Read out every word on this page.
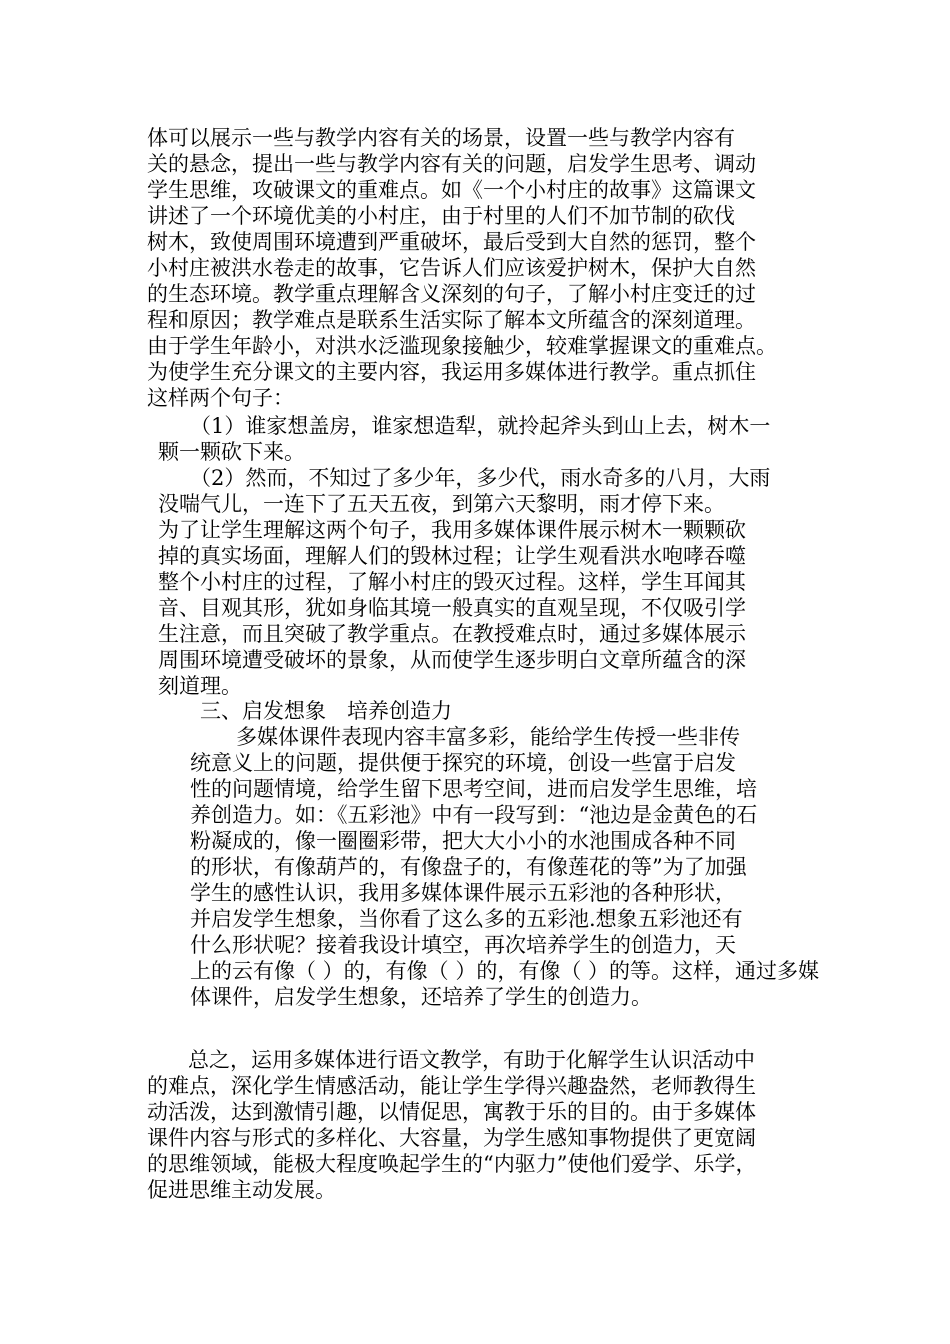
体可以展示一些与教学内容有关的场景，设置一些与教学内容有
关的悬念，提出一些与教学内容有关的问题，启发学生思考、调动
学生思维，攻破课文的重难点。如《一个小村庄的故事》这篇课文
讲述了一个环境优美的小村庄，由于村里的人们不加节制的砍伐
树木，致使周围环境遭到严重破坏，最后受到大自然的惩罚，整个
小村庄被洪水卷走的故事，它告诉人们应该爱护树木，保护大自然
的生态环境。教学重点理解含义深刻的句子，了解小村庄变迁的过
程和原因；教学难点是联系生活实际了解本文所蕴含的深刻道理。
由于学生年龄小，对洪水泛滥现象接触少，较难掌握课文的重难点。
为使学生充分课文的主要内容，我运用多媒体进行教学。重点抓住
这样两个句子：
（1）谁家想盖房，谁家想造犁，就拎起斧头到山上去，树木一
颗一颗砍下来。
（2）然而，不知过了多少年，多少代，雨水奇多的八月，大雨
没喘气儿，一连下了五天五夜，到第六天黎明，雨才停下来。
为了让学生理解这两个句子，我用多媒体课件展示树木一颗颗砍
掉的真实场面，理解人们的毁林过程；让学生观看洪水咆哮吞噬
整个小村庄的过程，了解小村庄的毁灭过程。这样，学生耳闻其
音、目观其形，犹如身临其境一般真实的直观呈现，不仅吸引学
生注意，而且突破了教学重点。在教授难点时，通过多媒体展示
周围环境遭受破坏的景象，从而使学生逐步明白文章所蕴含的深
刻道理。
三、启发想象　培养创造力
多媒体课件表现内容丰富多彩，能给学生传授一些非传
统意义上的问题，提供便于探究的环境，创设一些富于启发
性的问题情境，给学生留下思考空间，进而启发学生思维，培
养创造力。如：《五彩池》中有一段写到：“池边是金黄色的石
粉凝成的，像一圈圈彩带，把大大小小的水池围成各种不同
的形状，有像葫芦的，有像盘子的，有像莲花的等”为了加强
学生的感性认识，我用多媒体课件展示五彩池的各种形状，
并启发学生想象，当你看了这么多的五彩池.想象五彩池还有
什么形状呢？接着我设计填空，再次培养学生的创造力，天
上的云有像（ ）的，有像（ ）的，有像（ ）的等。这样，通过多媒
体课件，启发学生想象，还培养了学生的创造力。
总之，运用多媒体进行语文教学，有助于化解学生认识活动中
的难点，深化学生情感活动，能让学生学得兴趣盎然，老师教得生
动活泼，达到激情引趣，以情促思，寓教于乐的目的。由于多媒体
课件内容与形式的多样化、大容量，为学生感知事物提供了更宽阔
的思维领域，能极大程度唤起学生的“内驱力”使他们爱学、乐学，
促进思维主动发展。
